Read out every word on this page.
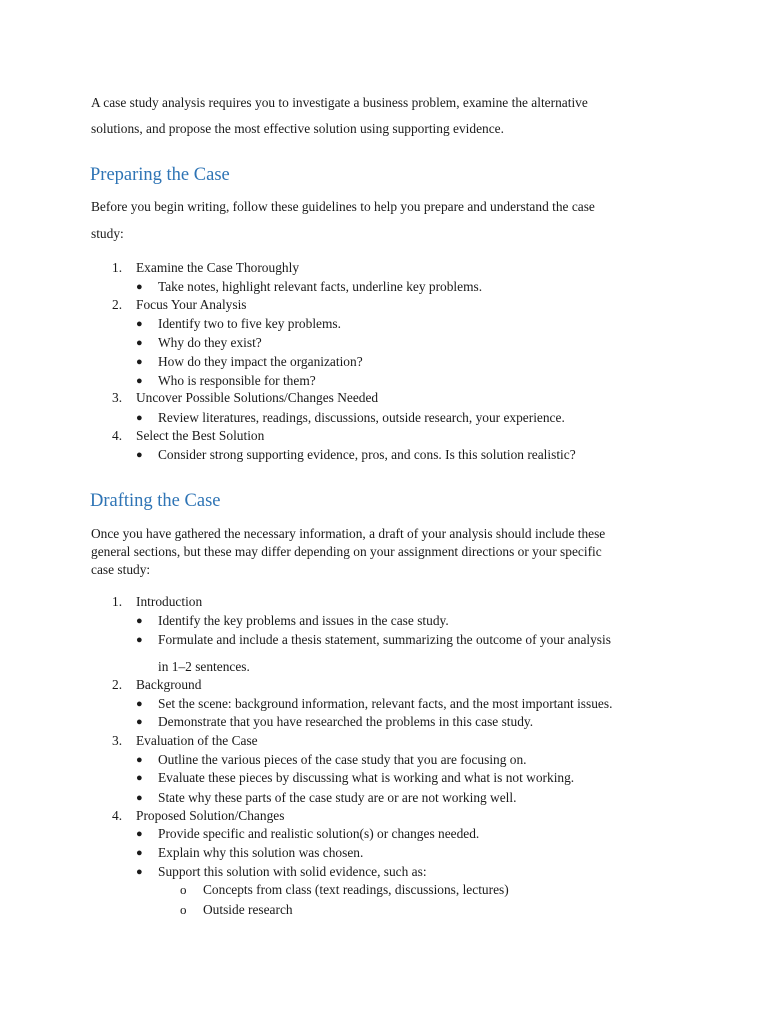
A case study analysis requires you to investigate a business problem, examine the alternative
solutions, and propose the most effective solution using supporting evidence.
Preparing the Case
Before you begin writing, follow these guidelines to help you prepare and understand the case
study:
1. Examine the Case Thoroughly
● Take notes, highlight relevant facts, underline key problems.
2. Focus Your Analysis
● Identify two to five key problems.
● Why do they exist?
● How do they impact the organization?
● Who is responsible for them?
3. Uncover Possible Solutions/Changes Needed
● Review literatures, readings, discussions, outside research, your experience.
4. Select the Best Solution
● Consider strong supporting evidence, pros, and cons. Is this solution realistic?
Drafting the Case
Once you have gathered the necessary information, a draft of your analysis should include these
general sections, but these may differ depending on your assignment directions or your specific
case study:
1. Introduction
● Identify the key problems and issues in the case study.
● Formulate and include a thesis statement, summarizing the outcome of your analysis
in 1–2 sentences.
2. Background
● Set the scene: background information, relevant facts, and the most important issues.
● Demonstrate that you have researched the problems in this case study.
3. Evaluation of the Case
● Outline the various pieces of the case study that you are focusing on.
● Evaluate these pieces by discussing what is working and what is not working.
● State why these parts of the case study are or are not working well.
4. Proposed Solution/Changes
● Provide specific and realistic solution(s) or changes needed.
● Explain why this solution was chosen.
● Support this solution with solid evidence, such as:
o Concepts from class (text readings, discussions, lectures)
o Outside research
